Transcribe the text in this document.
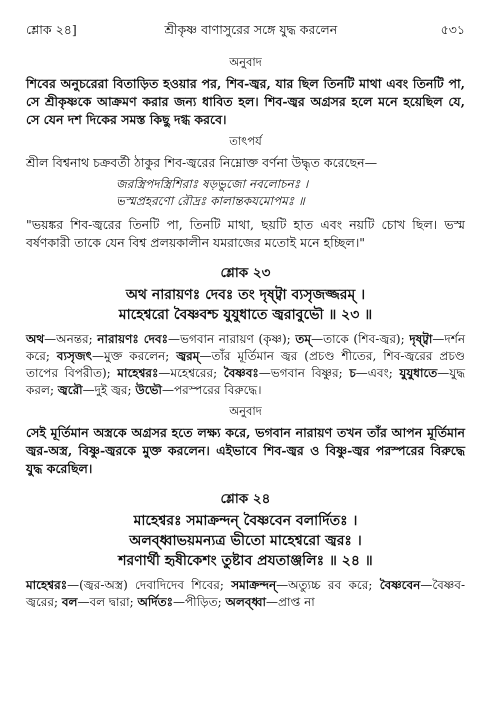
শ্লোক ২৪]	শ্রীকৃষ্ণ বাণাসুরের সঙ্গে যুদ্ধ করলেন	৫৩১
অনুবাদ

শিবের অনুচরেরা বিতাড়িত হওয়ার পর, শিব-জ্বর, যার ছিল তিনটি মাথা এবং তিনটি পা, সে শ্রীকৃষ্ণকে আক্রমণ করার জন্য ধাবিত হল। শিব-জ্বর অগ্রসর হলে মনে হয়েছিল যে, সে যেন দশ দিকের সমস্ত কিছু দগ্ধ করবে।

তাৎপর্য

শ্রীল বিশ্বনাথ চক্রবর্তী ঠাকুর শিব-জ্বরের নিম্নোক্ত বর্ণনা উদ্ধৃত করেছেন—

জরস্ত্রিপদস্ত্রিশিরাঃ ষড়ভুজো নবলোচনঃ ।
ভস্মপ্রহরণো রৌদ্রঃ কালান্তকযমোপমঃ ॥

"ভয়ঙ্কর শিব-জ্বরের তিনটি পা, তিনটি মাথা, ছয়টি হাত এবং নয়টি চোখ ছিল। ভস্ম বর্ষণকারী তাকে যেন বিশ্ব প্রলয়কালীন যমরাজের মতোই মনে হচ্ছিল।"

শ্লোক ২৩
অথ নারায়ণঃ দেবঃ তং দৃষ্ট্বা ব্যসৃজজ্জরম্ ।
মাহেশ্বরো বৈষ্ণবশ্চ যুযুধাতে জ্বরাবুভৌ ॥ ২৩ ॥
অথ—অনন্তর; নারায়ণঃ দেবঃ—ভগবান নারায়ণ (কৃষ্ণ); তম্—তাকে (শিব-জ্বর); দৃষ্ট্বা—দর্শন করে; ব্যসৃজৎ—মুক্ত করলেন; জ্বরম্—তাঁর মূর্তিমান জ্বর (প্রচণ্ড শীতের, শিব-জ্বরের প্রচণ্ড তাপের বিপরীত); মাহেশ্বরঃ—মহেশ্বরের; বৈষ্ণবঃ—ভগবান বিষ্ণুর; চ—এবং; যুযুধাতে—যুদ্ধ করল; জ্বরৌ—দুই জ্বর; উভৌ—পরস্পরের বিরুদ্ধে।
অনুবাদ

সেই মূর্তিমান অস্ত্রকে অগ্রসর হতে লক্ষ্য করে, ভগবান নারায়ণ তখন তাঁর আপন মূর্তিমান জ্বর-অস্ত্র, বিষ্ণু-জ্বরকে মুক্ত করলেন। এইভাবে শিব-জ্বর ও বিষ্ণু-জ্বর পরস্পরের বিরুদ্ধে যুদ্ধ করেছিল।

শ্লোক ২৪
মাহেশ্বরঃ সমাক্রন্দন্ বৈষ্ণবেন বলার্দিতঃ ।
অলব্ধ্বাভয়মন্যত্র ভীতো মাহেশ্বরো জ্বরঃ ।
শরণার্থী হৃষীকেশং তুষ্টাব প্রযতাঞ্জলিঃ ॥ ২৪ ॥
মাহেশ্বরঃ—(জ্বর-অস্ত্র) দেবাদিদেব শিবের; সমাক্রন্দন্—অত্যুচ্চ রব করে; বৈষ্ণবেন—বৈষ্ণব-জ্বরের; বল—বল দ্বারা; অর্দিতঃ—পীড়িত; অলব্ধ্বা—প্রাপ্ত না
